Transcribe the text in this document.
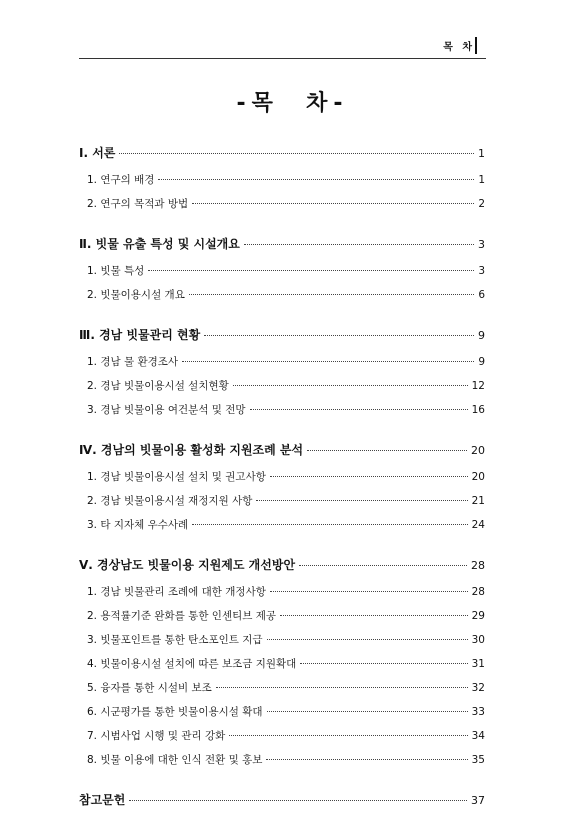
목 차
-목  차-
Ⅰ. 서론	1
1. 연구의 배경	1
2. 연구의 목적과 방법	2
Ⅱ. 빗물 유출 특성 및 시설개요	3
1. 빗물 특성	3
2. 빗물이용시설 개요	6
Ⅲ. 경남 빗물관리 현황	9
1. 경남 물 환경조사	9
2. 경남 빗물이용시설 설치현황	12
3. 경남 빗물이용 여건분석 및 전망	16
Ⅳ. 경남의 빗물이용 활성화 지원조례 분석	20
1. 경남 빗물이용시설 설치 및 권고사항	20
2. 경남 빗물이용시설 재정지원 사항	21
3. 타 지자체 우수사례	24
Ⅴ. 경상남도 빗물이용 지원제도 개선방안	28
1. 경남 빗물관리 조례에 대한 개정사항	28
2. 용적률기준 완화를 통한 인센티브 제공	29
3. 빗물포인트를 통한 탄소포인트 지급	30
4. 빗물이용시설 설치에 따른 보조금 지원확대	31
5. 융자를 통한 시설비 보조	32
6. 시군평가를 통한 빗물이용시설 확대	33
7. 시범사업 시행 및 관리 강화	34
8. 빗물 이용에 대한 인식 전환 및 홍보	35
참고문헌	37
